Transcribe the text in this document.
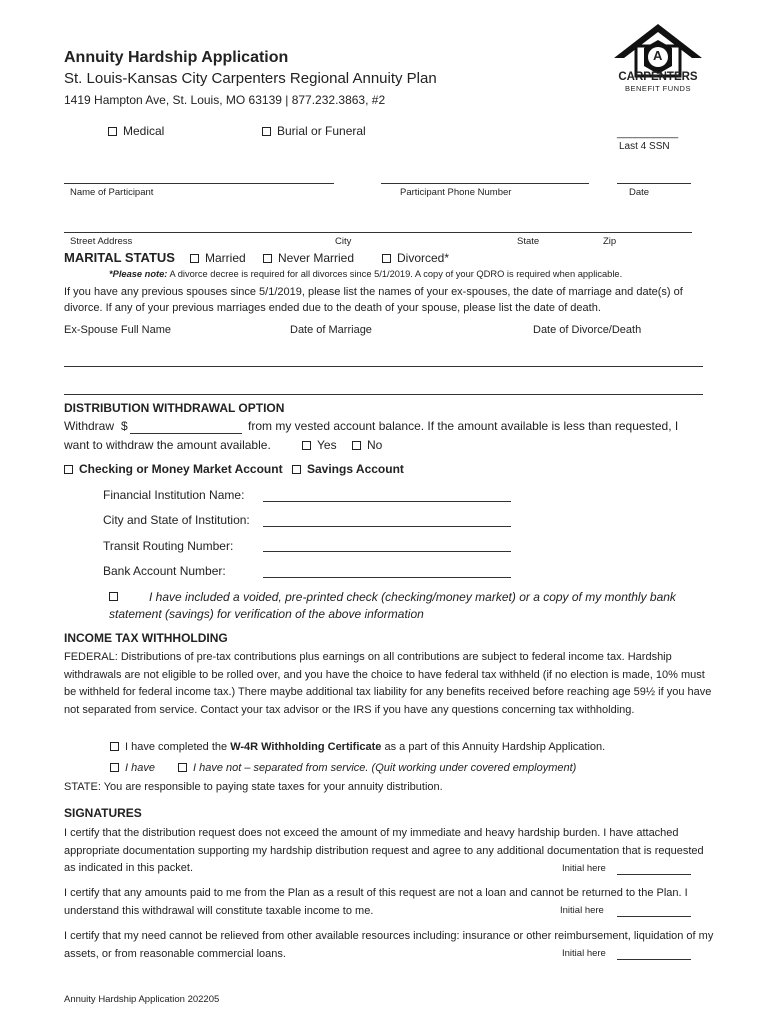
Annuity Hardship Application
St. Louis-Kansas City Carpenters Regional Annuity Plan
1419 Hampton Ave, St. Louis, MO 63139 | 877.232.3863, #2
A
CARPENTERS
BENEFIT FUNDS
Medical	Burial or Funeral	__________
Last 4 SSN
Name of Participant	Participant Phone Number	Date
Street Address	City	State	Zip
MARITAL STATUS	Married	Never Married	Divorced*
*Please note: A divorce decree is required for all divorces since 5/1/2019. A copy of your QDRO is required when applicable.
If you have any previous spouses since 5/1/2019, please list the names of your ex-spouses, the date of marriage and date(s) of divorce. If any of your previous marriages ended due to the death of your spouse, please list the date of death.
Ex-Spouse Full Name	Date of Marriage	Date of Divorce/Death
DISTRIBUTION WITHDRAWAL OPTION
Withdraw $	from my vested account balance. If the amount available is less than requested, I
want to withdraw the amount available.	Yes	No
Checking or Money Market Account	Savings Account
Financial Institution Name:
City and State of Institution:
Transit Routing Number:
Bank Account Number:
I have included a voided, pre-printed check (checking/money market) or a copy of my monthly bank statement (savings) for verification of the above information
INCOME TAX WITHHOLDING
FEDERAL: Distributions of pre-tax contributions plus earnings on all contributions are subject to federal income tax. Hardship withdrawals are not eligible to be rolled over, and you have the choice to have federal tax withheld (if no election is made, 10% must be withheld for federal income tax.) There maybe additional tax liability for any benefits received before reaching age 59½ if you have not separated from service. Contact your tax advisor or the IRS if you have any questions concerning tax withholding.
I have completed the W-4R Withholding Certificate as a part of this Annuity Hardship Application.
I have	I have not – separated from service. (Quit working under covered employment)
STATE: You are responsible to paying state taxes for your annuity distribution.
SIGNATURES
I certify that the distribution request does not exceed the amount of my immediate and heavy hardship burden. I have attached appropriate documentation supporting my hardship distribution request and agree to any additional documentation that is requested as indicated in this packet.	Initial here
I certify that any amounts paid to me from the Plan as a result of this request are not a loan and cannot be returned to the Plan. I understand this withdrawal will constitute taxable income to me.	Initial here
I certify that my need cannot be relieved from other available resources including: insurance or other reimbursement, liquidation of my assets, or from reasonable commercial loans.	Initial here
Annuity Hardship Application 202205
